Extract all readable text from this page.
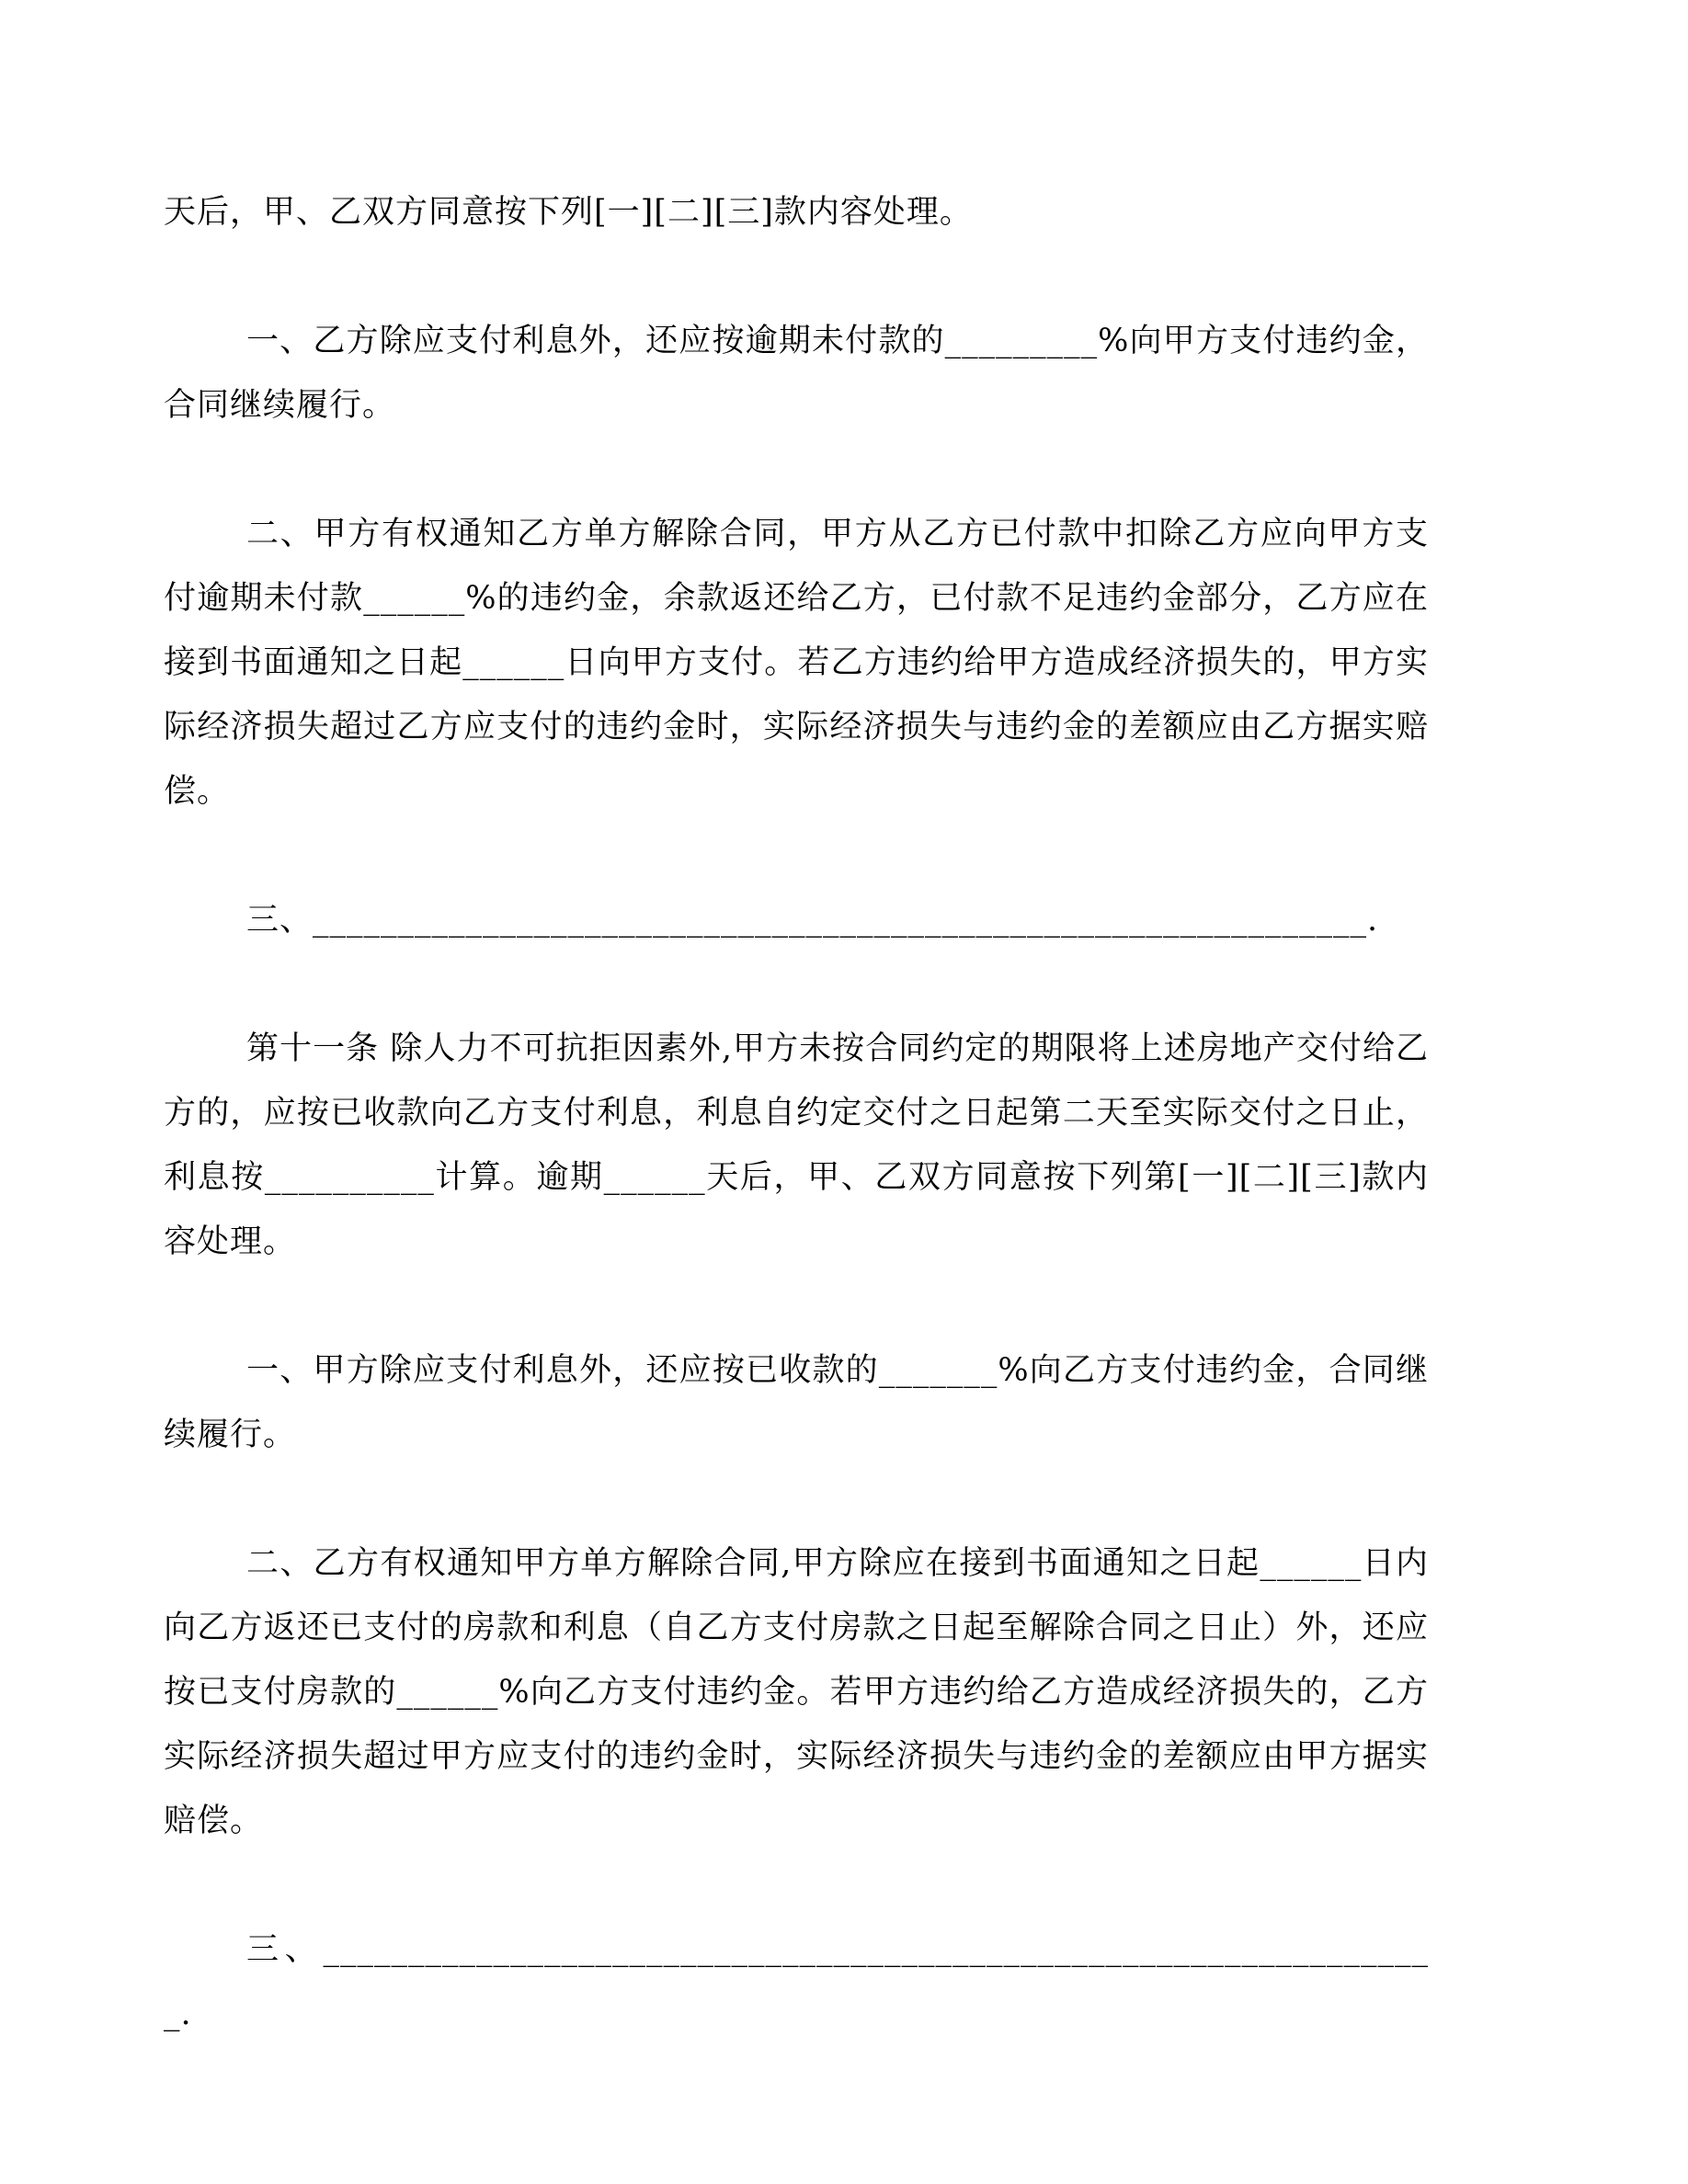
天后，甲、乙双方同意按下列[一][二][三]款内容处理。

一、乙方除应支付利息外，还应按逾期未付款的_________%向甲方支付违约金，合同继续履行。

二、甲方有权通知乙方单方解除合同，甲方从乙方已付款中扣除乙方应向甲方支付逾期未付款______%的违约金，余款返还给乙方，已付款不足违约金部分，乙方应在接到书面通知之日起______日向甲方支付。若乙方违约给甲方造成经济损失的，甲方实际经济损失超过乙方应支付的违约金时，实际经济损失与违约金的差额应由乙方据实赔偿。

三、______________________________________________________________.

第十一条 除人力不可抗拒因素外,甲方未按合同约定的期限将上述房地产交付给乙方的，应按已收款向乙方支付利息，利息自约定交付之日起第二天至实际交付之日止，利息按__________计算。逾期______天后，甲、乙双方同意按下列第[一][二][三]款内容处理。

一、甲方除应支付利息外，还应按已收款的_______%向乙方支付违约金，合同继续履行。

二、乙方有权通知甲方单方解除合同,甲方除应在接到书面通知之日起______日内向乙方返还已支付的房款和利息（自乙方支付房款之日起至解除合同之日止）外，还应按已支付房款的______%向乙方支付违约金。若甲方违约给乙方造成经济损失的，乙方实际经济损失超过甲方应支付的违约金时，实际经济损失与违约金的差额应由甲方据实赔偿。

三、__________________________________________________________________.
